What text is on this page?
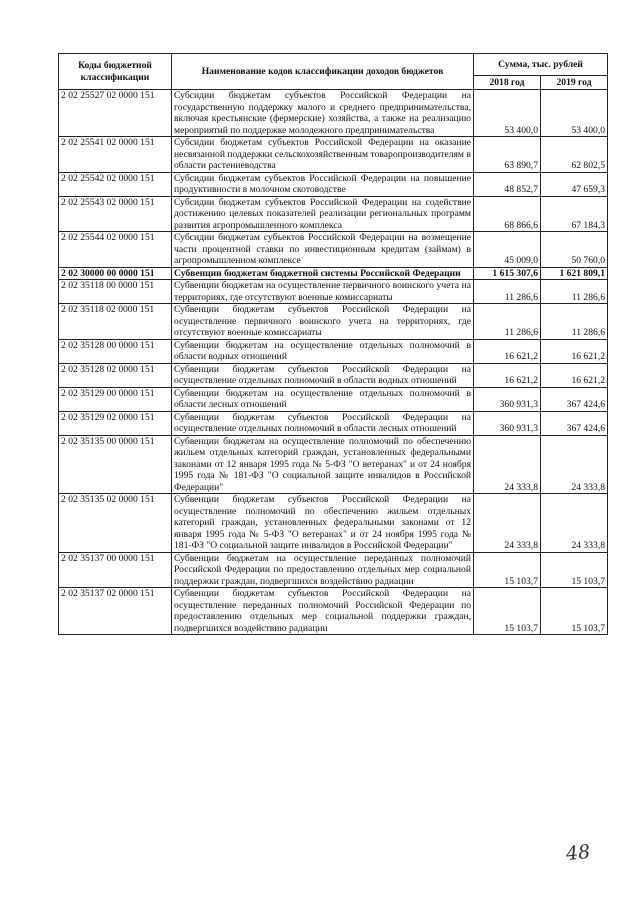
Коды бюджетной классификации	Наименование кодов классификации доходов бюджетов	Сумма, тыс. рублей	
		2018 год	2019 год
2 02 25527 02 0000 151	Субсидии бюджетам субъектов Российской Федерации на государственную поддержку малого и среднего предпринимательства, включая крестьянские (фермерские) хозяйства, а также на реализацию мероприятий по поддержке молодежного предпринимательства	53 400,0	53 400,0
2 02 25541 02 0000 151	Субсидии бюджетам субъектов Российской Федерации на оказание несвязанной поддержки сельскохозяйственным товаропроизводителям в области растениеводства	63 890,7	62 802,5
2 02 25542 02 0000 151	Субсидии бюджетам субъектов Российской Федерации на повышение продуктивности в молочном скотоводстве	48 852,7	47 659,3
2 02 25543 02 0000 151	Субсидии бюджетам субъектов Российской Федерации на содействие достижению целевых показателей реализации региональных программ развития агропромышленного комплекса	68 866,6	67 184,3
2 02 25544 02 0000 151	Субсидии бюджетам субъектов Российской Федерации на возмещение части процентной ставки по инвестиционным кредитам (займам) в агропромышленном комплексе	45 009,0	50 760,0
2 02 30000 00 0000 151	Субвенции бюджетам бюджетной системы Российской Федерации	1 615 307,6	1 621 809,1
2 02 35118 00 0000 151	Субвенции бюджетам на осуществление первичного воинского учета на территориях, где отсутствуют военные комиссариаты	11 286,6	11 286,6
2 02 35118 02 0000 151	Субвенции бюджетам субъектов Российской Федерации на осуществление первичного воинского учета на территориях, где отсутствуют военные комиссариаты	11 286,6	11 286,6
2 02 35128 00 0000 151	Субвенции бюджетам на осуществление отдельных полномочий в области водных отношений	16 621,2	16 621,2
2 02 35128 02 0000 151	Субвенции бюджетам субъектов Российской Федерации на осуществление отдельных полномочий в области водных отношений	16 621,2	16 621,2
2 02 35129 00 0000 151	Субвенции бюджетам на осуществление отдельных полномочий в области лесных отношений	360 931,3	367 424,6
2 02 35129 02 0000 151	Субвенции бюджетам субъектов Российской Федерации на осуществление отдельных полномочий в области лесных отношений	360 931,3	367 424,6
2 02 35135 00 0000 151	Субвенции бюджетам на осуществление полномочий по обеспечению жильем отдельных категорий граждан, установленных федеральными законами от 12 января 1995 года № 5-ФЗ "О ветеранах" и от 24 ноября 1995 года № 181-ФЗ "О социальной защите инвалидов в Российской Федерации"	24 333,8	24 333,8
2 02 35135 02 0000 151	Субвенции бюджетам субъектов Российской Федерации на осуществление полномочий по обеспечению жильем отдельных категорий граждан, установленных федеральными законами от 12 января 1995 года № 5-ФЗ "О ветеранах" и от 24 ноября 1995 года № 181-ФЗ "О социальной защите инвалидов в Российской Федерации"	24 333,8	24 333,8
2 02 35137 00 0000 151	Субвенции бюджетам на осуществление переданных полномочий Российской Федерации по предоставлению отдельных мер социальной поддержки граждан, подвергшихся воздействию радиации	15 103,7	15 103,7
2 02 35137 02 0000 151	Субвенции бюджетам субъектов Российской Федерации на осуществление переданных полномочий Российской Федерации по предоставлению отдельных мер социальной поддержки граждан, подвергшихся воздействию радиации	15 103,7	15 103,7
48
